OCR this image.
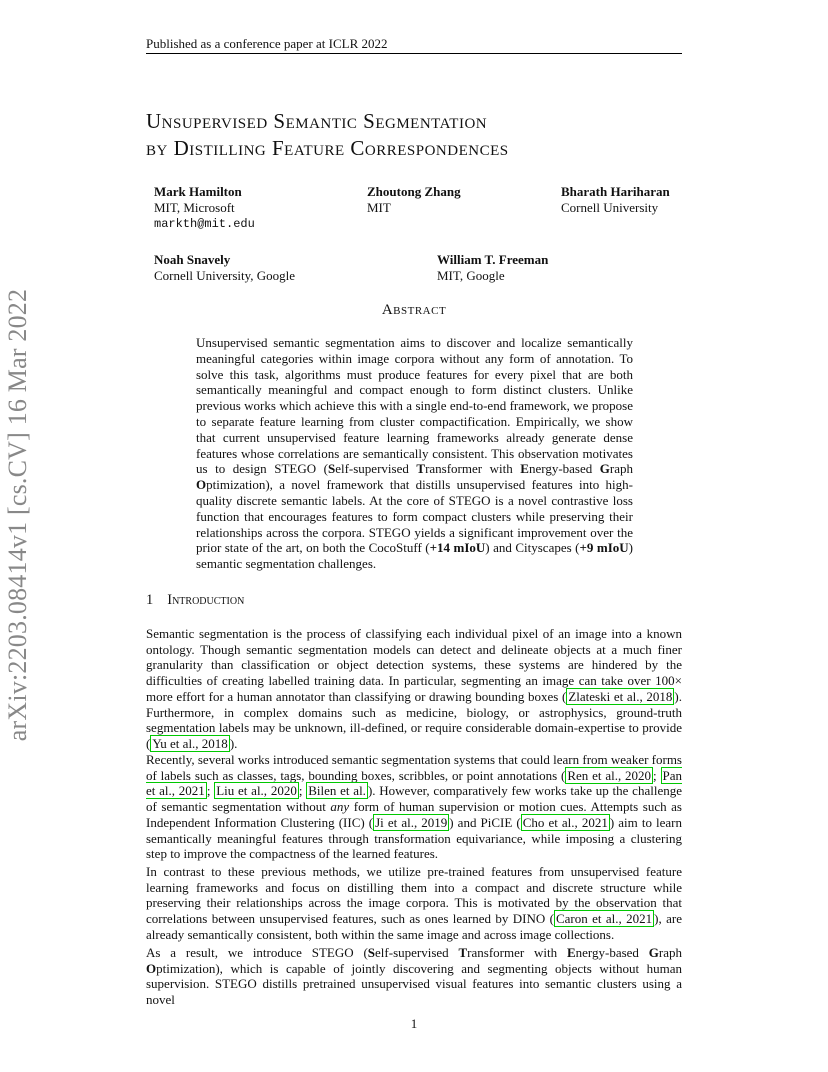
Published as a conference paper at ICLR 2022
arXiv:2203.08414v1 [cs.CV] 16 Mar 2022
Unsupervised Semantic Segmentation
by Distilling Feature Correspondences
Mark Hamilton
MIT, Microsoft
markth@mit.edu
Zhoutong Zhang
MIT
Bharath Hariharan
Cornell University
Noah Snavely
Cornell University, Google
William T. Freeman
MIT, Google
Abstract

Unsupervised semantic segmentation aims to discover and localize semantically meaningful categories within image corpora without any form of annotation. To solve this task, algorithms must produce features for every pixel that are both semantically meaningful and compact enough to form distinct clusters. Unlike previous works which achieve this with a single end-to-end framework, we propose to separate feature learning from cluster compactification. Empirically, we show that current unsupervised feature learning frameworks already generate dense features whose correlations are semantically consistent. This observation motivates us to design STEGO (Self-supervised Transformer with Energy-based Graph Optimization), a novel framework that distills unsupervised features into high-quality discrete semantic labels. At the core of STEGO is a novel contrastive loss function that encourages features to form compact clusters while preserving their relationships across the corpora. STEGO yields a significant improvement over the prior state of the art, on both the CocoStuff (+14 mIoU) and Cityscapes (+9 mIoU) semantic segmentation challenges.

1 Introduction

Semantic segmentation is the process of classifying each individual pixel of an image into a known ontology. Though semantic segmentation models can detect and delineate objects at a much finer granularity than classification or object detection systems, these systems are hindered by the difficulties of creating labelled training data. In particular, segmenting an image can take over 100× more effort for a human annotator than classifying or drawing bounding boxes ( Zlateski et al., 2018 ). Furthermore, in complex domains such as medicine, biology, or astrophysics, ground-truth segmentation labels may be unknown, ill-defined, or require considerable domain-expertise to provide ( Yu et al., 2018 ).

Recently, several works introduced semantic segmentation systems that could learn from weaker forms of labels such as classes, tags, bounding boxes, scribbles, or point annotations ( Ren et al., 2020 ; Pan et al., 2021 ; Liu et al., 2020 ; Bilen et al. ). However, comparatively few works take up the challenge of semantic segmentation without any form of human supervision or motion cues. Attempts such as Independent Information Clustering (IIC) ( Ji et al., 2019 ) and PiCIE ( Cho et al., 2021 ) aim to learn semantically meaningful features through transformation equivariance, while imposing a clustering step to improve the compactness of the learned features.

In contrast to these previous methods, we utilize pre-trained features from unsupervised feature learning frameworks and focus on distilling them into a compact and discrete structure while preserving their relationships across the image corpora. This is motivated by the observation that correlations between unsupervised features, such as ones learned by DINO ( Caron et al., 2021 ), are already semantically consistent, both within the same image and across image collections.

As a result, we introduce STEGO (Self-supervised Transformer with Energy-based Graph Optimization), which is capable of jointly discovering and segmenting objects without human supervision. STEGO distills pretrained unsupervised visual features into semantic clusters using a novel

1
